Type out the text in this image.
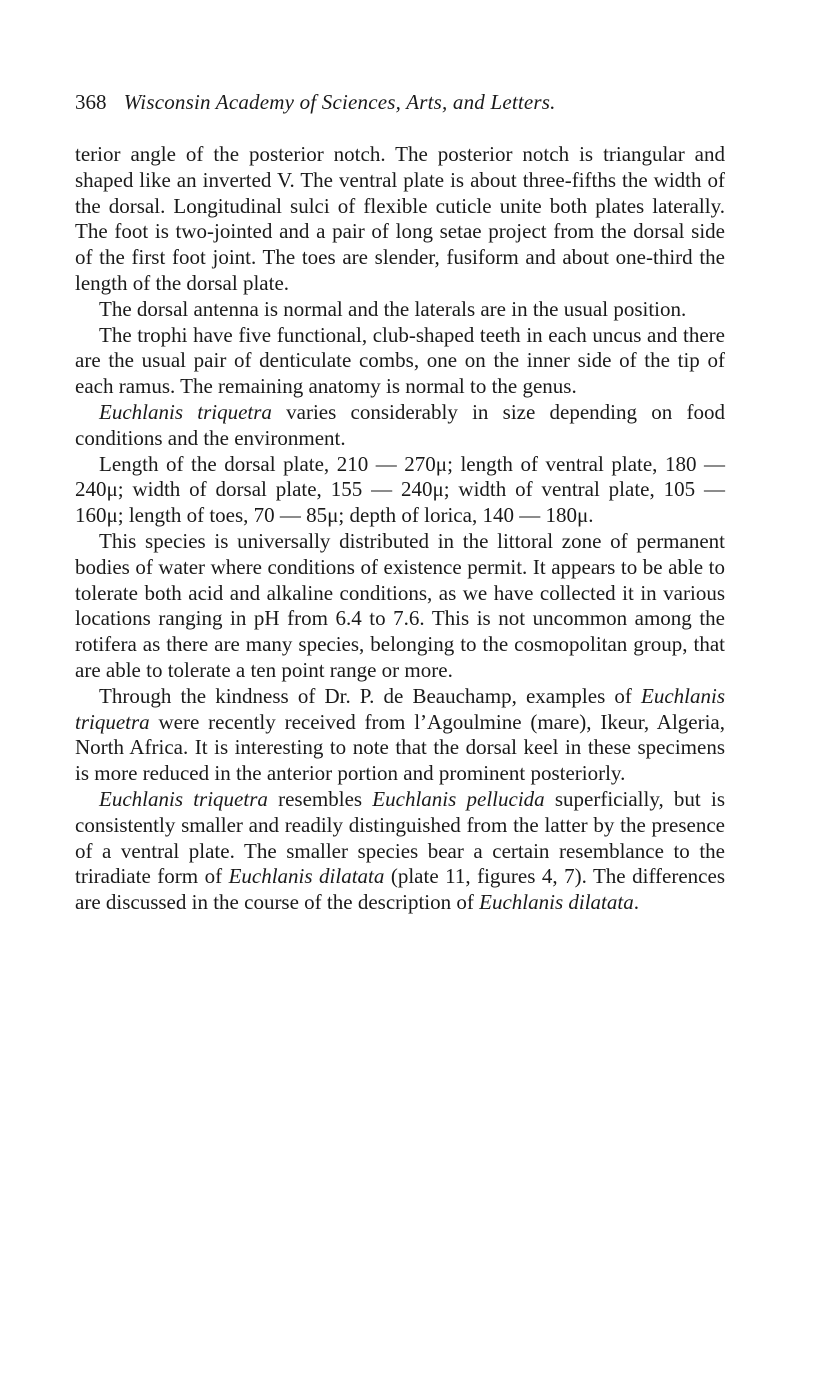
368 Wisconsin Academy of Sciences, Arts, and Letters.

terior angle of the posterior notch. The posterior notch is triangular and shaped like an inverted V. The ventral plate is about three-fifths the width of the dorsal. Longitudinal sulci of flexible cuticle unite both plates laterally. The foot is two-jointed and a pair of long setae project from the dorsal side of the first foot joint. The toes are slender, fusiform and about one-third the length of the dorsal plate.

The dorsal antenna is normal and the laterals are in the usual position.

The trophi have five functional, club-shaped teeth in each uncus and there are the usual pair of denticulate combs, one on the inner side of the tip of each ramus. The remaining anatomy is normal to the genus.

Euchlanis triquetra varies considerably in size depending on food conditions and the environment.

Length of the dorsal plate, 210 — 270μ; length of ventral plate, 180 — 240μ; width of dorsal plate, 155 — 240μ; width of ventral plate, 105 — 160μ; length of toes, 70 — 85μ; depth of lorica, 140 — 180μ.

This species is universally distributed in the littoral zone of permanent bodies of water where conditions of existence permit. It appears to be able to tolerate both acid and alkaline conditions, as we have collected it in various locations ranging in pH from 6.4 to 7.6. This is not uncommon among the rotifera as there are many species, belonging to the cosmopolitan group, that are able to tolerate a ten point range or more.

Through the kindness of Dr. P. de Beauchamp, examples of Euchlanis triquetra were recently received from l’Agoulmine (mare), Ikeur, Algeria, North Africa. It is interesting to note that the dorsal keel in these specimens is more reduced in the anterior portion and prominent posteriorly.

Euchlanis triquetra resembles Euchlanis pellucida superficially, but is consistently smaller and readily distinguished from the latter by the presence of a ventral plate. The smaller species bear a certain resemblance to the triradiate form of Euchlanis dilatata (plate 11, figures 4, 7). The differences are discussed in the course of the description of Euchlanis dilatata.
